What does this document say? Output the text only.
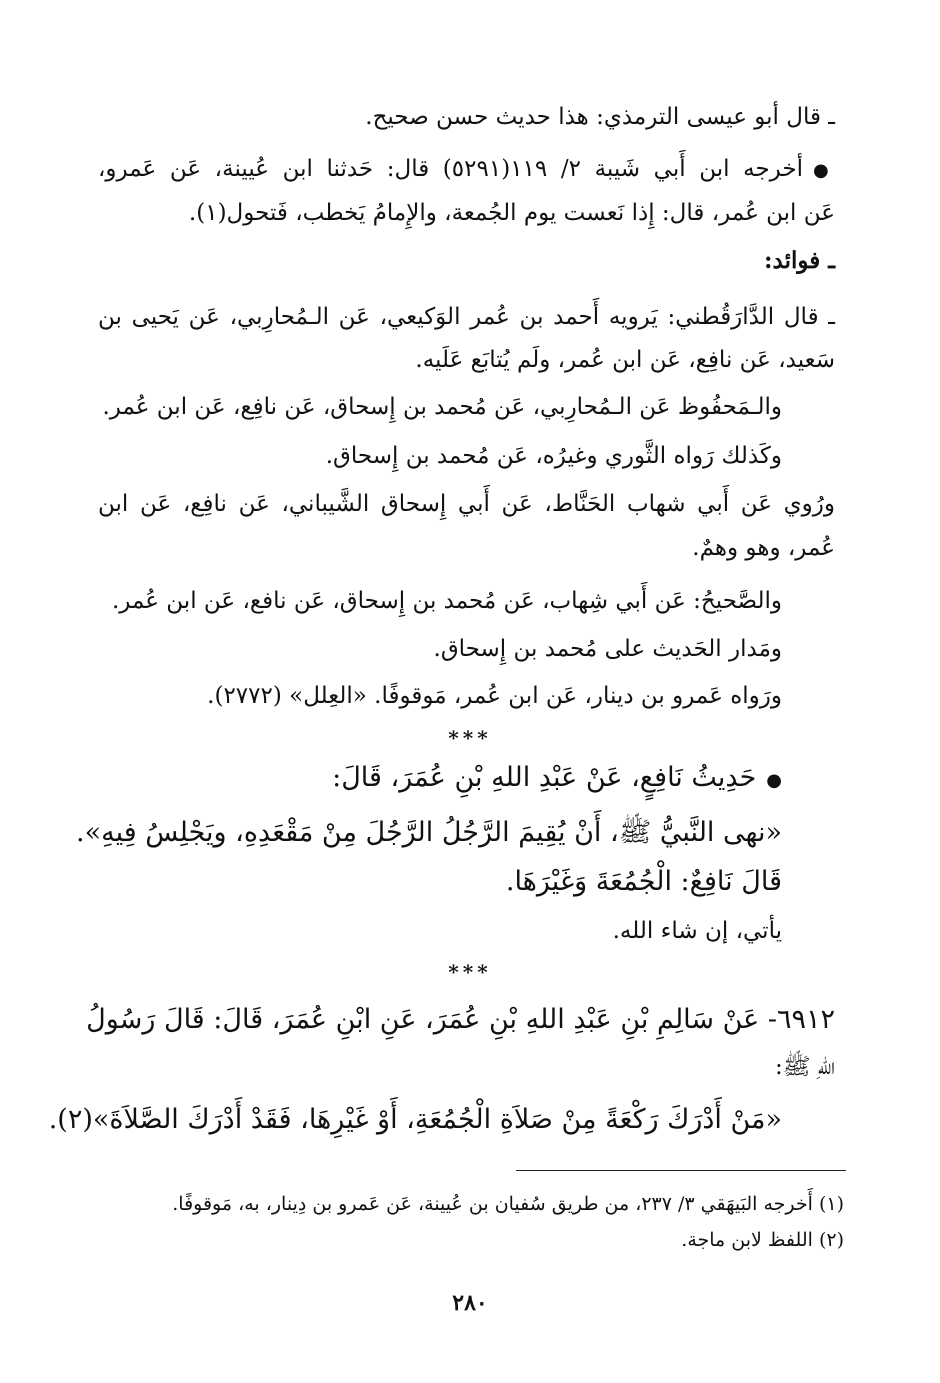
ـ قال أبو عيسى الترمذي: هذا حديث حسن صحيح.
●أخرجه ابن أَبي شَيبة ٢/ ١١٩(٥٢٩١) قال: حَدثنا ابن عُيينة، عَن عَمرو،
عَن ابن عُمر، قال: إِذا نَعست يوم الجُمعة، والإِمامُ يَخطب، فَتحول(١).
ـ فوائد:
ـ قال الدَّارَقُطني: يَرويه أَحمد بن عُمر الوَكيعي، عَن الـمُحارِبي، عَن يَحيى بن
سَعيد، عَن نافِع، عَن ابن عُمر، ولَم يُتابَع عَلَيه.
والـمَحفُوظ عَن الـمُحارِبي، عَن مُحمد بن إِسحاق، عَن نافِع، عَن ابن عُمر.
وكَذلك رَواه الثَّوري وغيرُه، عَن مُحمد بن إِسحاق.
ورُوي عَن أَبي شهاب الحَنَّاط، عَن أَبي إِسحاق الشَّيباني، عَن نافِع، عَن ابن
عُمر، وهو وهمٌ.
والصَّحيحُ: عَن أَبي شِهاب، عَن مُحمد بن إِسحاق، عَن نافع، عَن ابن عُمر.
ومَدار الحَديث على مُحمد بن إِسحاق.
ورَواه عَمرو بن دينار، عَن ابن عُمر، مَوقوفًا. «العِلل» (٢٧٧٢).
***
●حَدِيثُ نَافِعٍ، عَنْ عَبْدِ اللهِ بْنِ عُمَرَ، قَالَ:
«نهى النَّبيُّ ﷺ، أَنْ يُقِيمَ الرَّجُلُ الرَّجُلَ مِنْ مَقْعَدِهِ، ويَجْلِسُ فِيهِ».
قَالَ نَافِعٌ: الْجُمُعَةَ وَغَيْرَهَا.
يأتي، إن شاء الله.
***
٦٩١٢- عَنْ سَالِمِ بْنِ عَبْدِ اللهِ بْنِ عُمَرَ، عَنِ ابْنِ عُمَرَ، قَالَ: قَالَ رَسُولُ
اللهِ ﷺ:
«مَنْ أَدْرَكَ رَكْعَةً مِنْ صَلاَةِ الْجُمُعَةِ، أَوْ غَيْرِهَا، فَقَدْ أَدْرَكَ الصَّلاَةَ»(٢).
(١) أَخرجه البَيهَقي ٣/ ٢٣٧، من طريق سُفيان بن عُيينة، عَن عَمرو بن دِينار، به، مَوقوفًا.
(٢) اللفظ لابن ماجة.
٢٨٠
